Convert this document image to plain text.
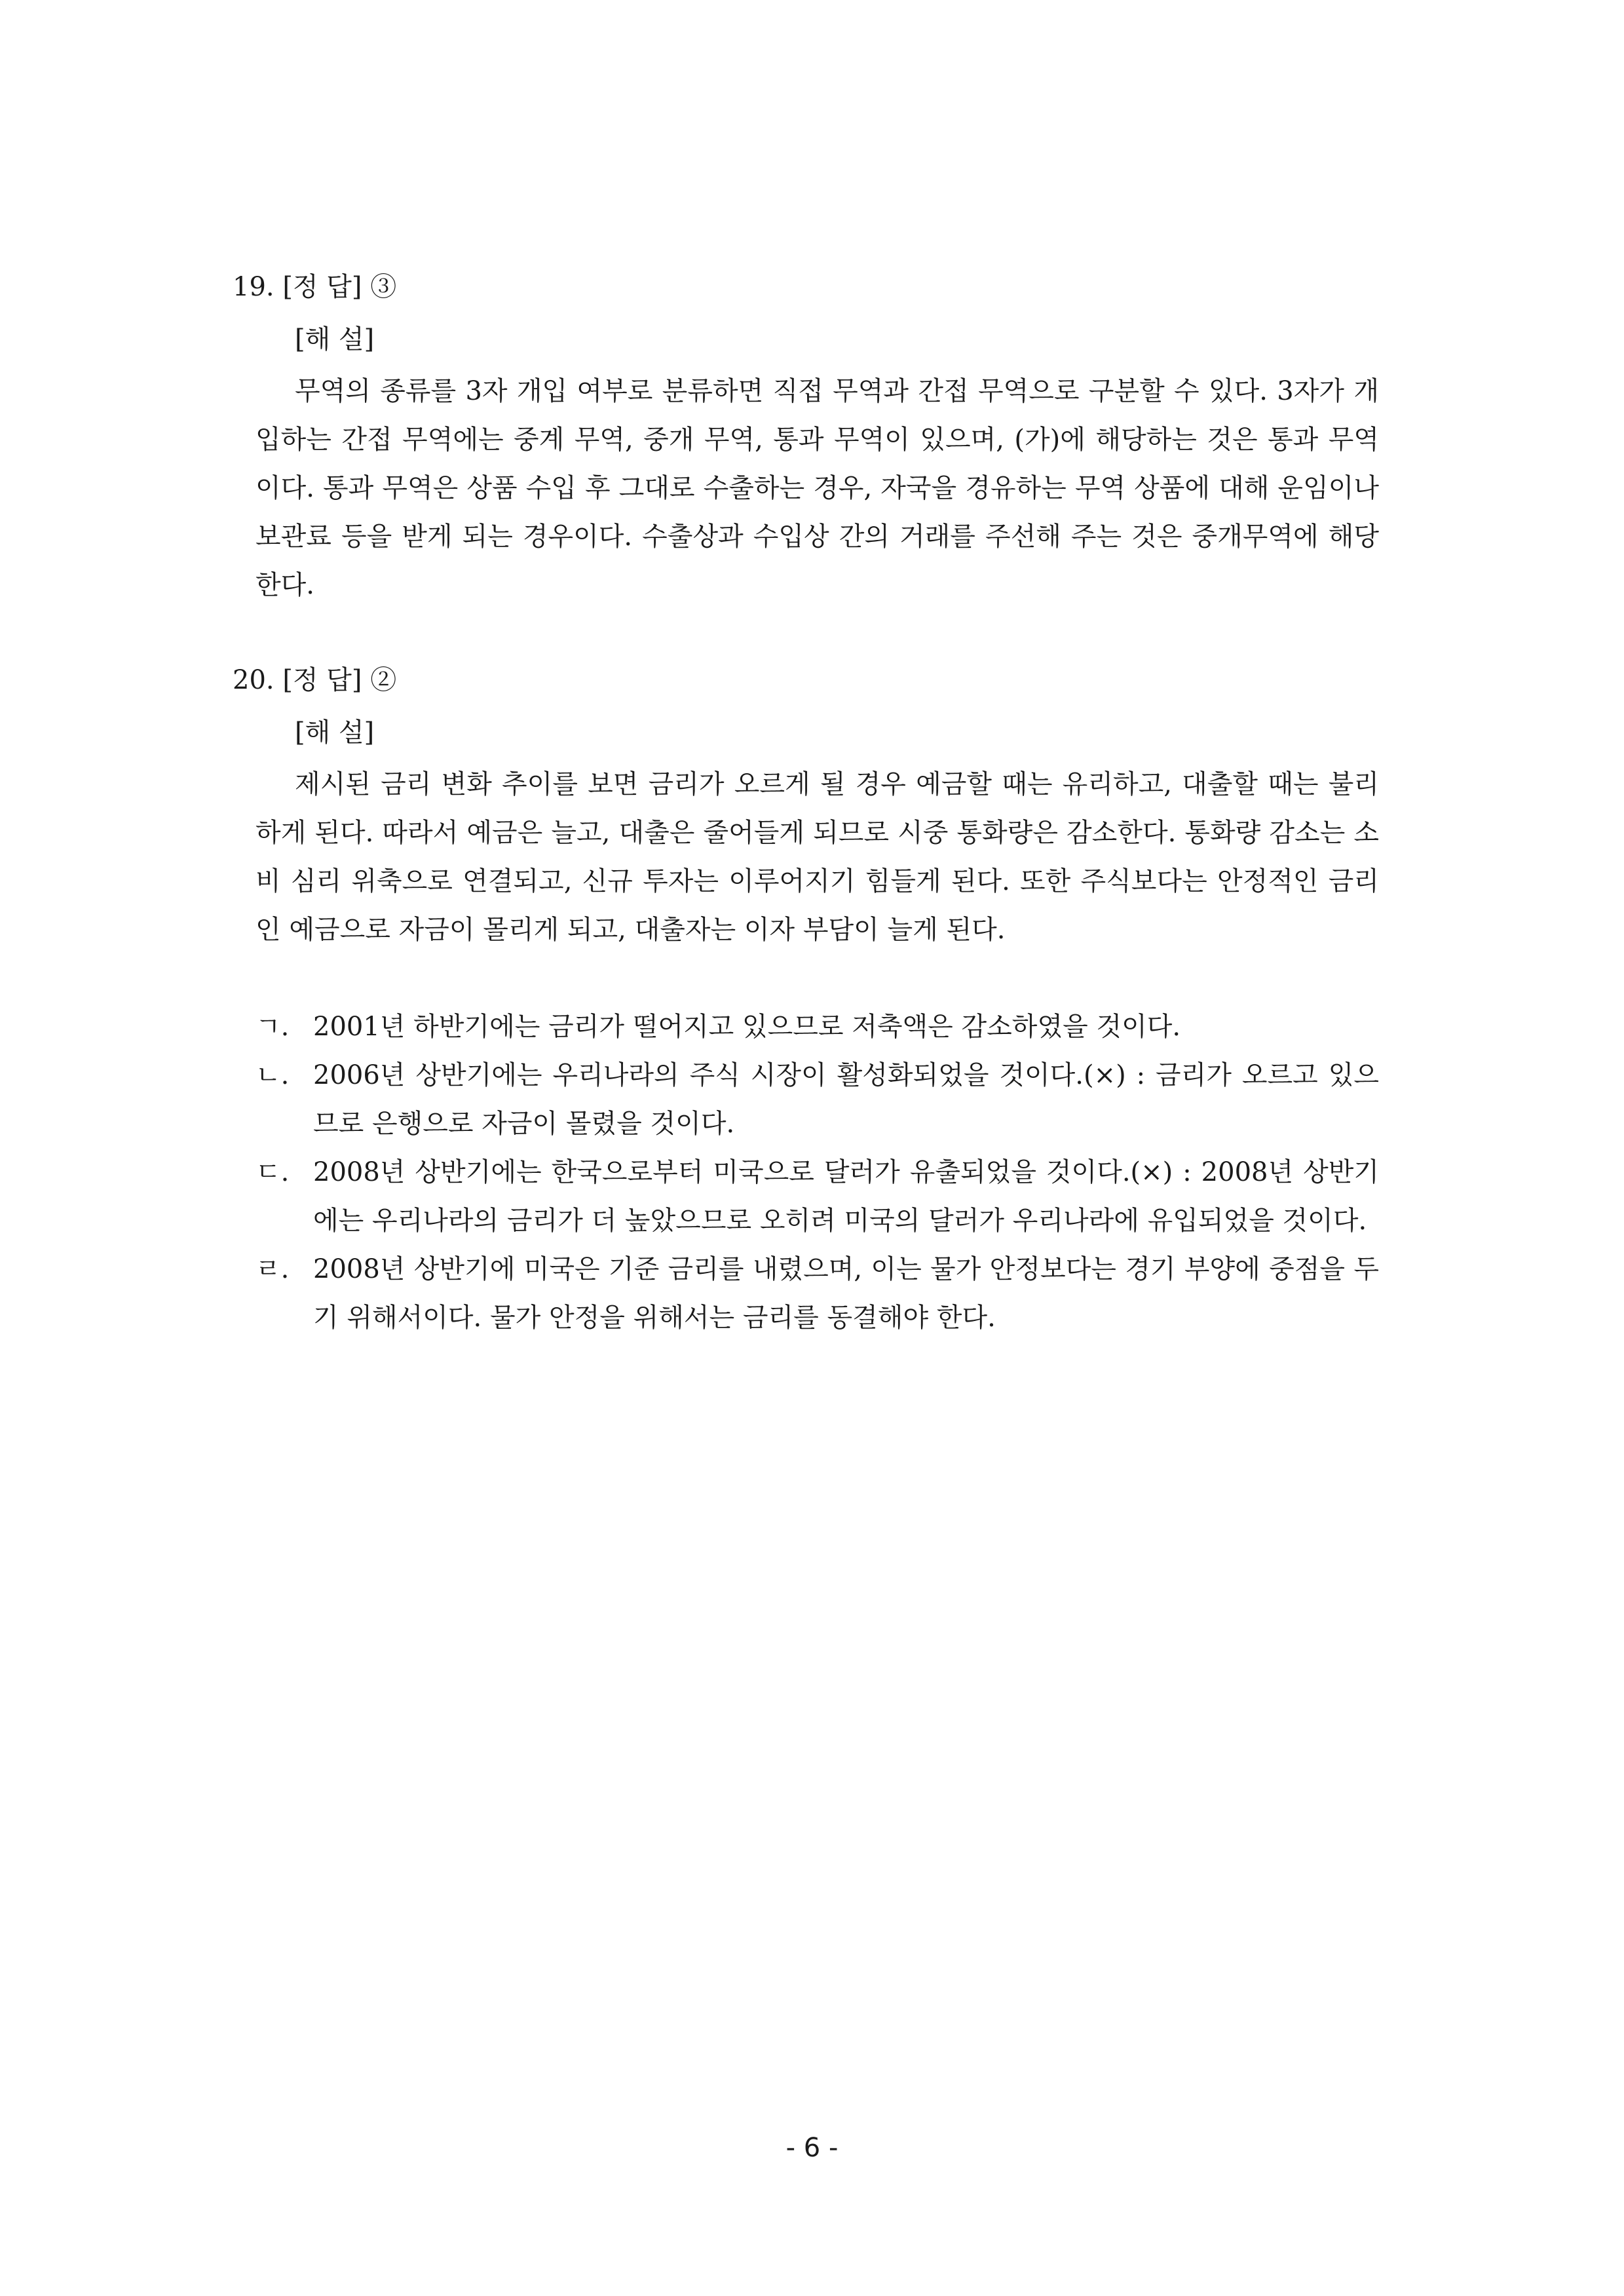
19. [정 답] ③
[해 설]
무역의 종류를 3자 개입 여부로 분류하면 직접 무역과 간접 무역으로 구분할 수 있다. 3자가 개입하는 간접 무역에는 중계 무역, 중개 무역, 통과 무역이 있으며, (가)에 해당하는 것은 통과 무역이다. 통과 무역은 상품 수입 후 그대로 수출하는 경우, 자국을 경유하는 무역 상품에 대해 운임이나 보관료 등을 받게 되는 경우이다. 수출상과 수입상 간의 거래를 주선해 주는 것은 중개무역에 해당한다.
20. [정 답] ②
[해 설]
제시된 금리 변화 추이를 보면 금리가 오르게 될 경우 예금할 때는 유리하고, 대출할 때는 불리하게 된다. 따라서 예금은 늘고, 대출은 줄어들게 되므로 시중 통화량은 감소한다. 통화량 감소는 소비 심리 위축으로 연결되고, 신규 투자는 이루어지기 힘들게 된다. 또한 주식보다는 안정적인 금리인 예금으로 자금이 몰리게 되고, 대출자는 이자 부담이 늘게 된다.
ㄱ. 2001년 하반기에는 금리가 떨어지고 있으므로 저축액은 감소하였을 것이다.
ㄴ. 2006년 상반기에는 우리나라의 주식 시장이 활성화되었을 것이다.(×) : 금리가 오르고 있으므로 은행으로 자금이 몰렸을 것이다.
ㄷ. 2008년 상반기에는 한국으로부터 미국으로 달러가 유출되었을 것이다.(×) : 2008년 상반기에는 우리나라의 금리가 더 높았으므로 오히려 미국의 달러가 우리나라에 유입되었을 것이다.
ㄹ. 2008년 상반기에 미국은 기준 금리를 내렸으며, 이는 물가 안정보다는 경기 부양에 중점을 두기 위해서이다. 물가 안정을 위해서는 금리를 동결해야 한다.
- 6 -
